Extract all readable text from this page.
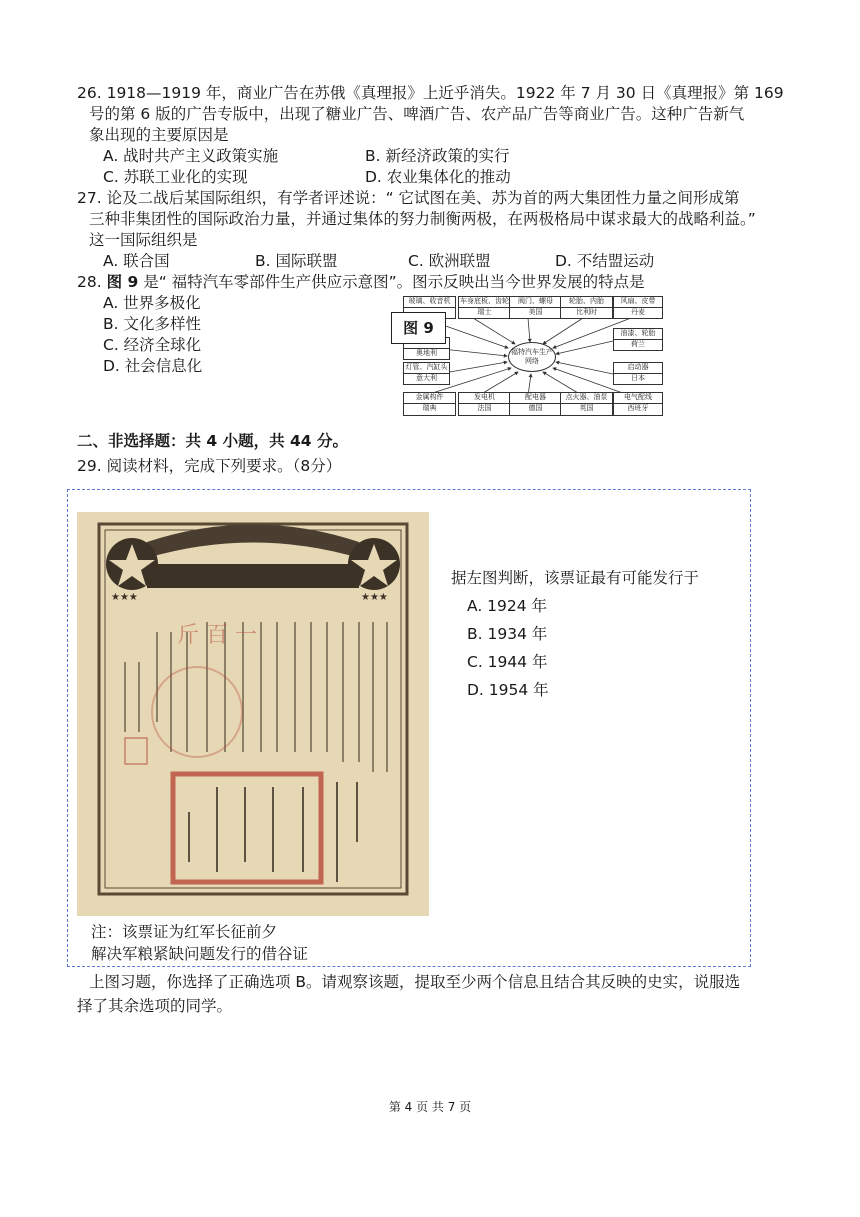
26. 1918—1919 年，商业广告在苏俄《真理报》上近乎消失。1922 年 7 月 30 日《真理报》第 169
号的第 6 版的广告专版中，出现了糖业广告、啤酒广告、农产品广告等商业广告。这种广告新气
象出现的主要原因是
A. 战时共产主义政策实施	B. 新经济政策的实行
C. 苏联工业化的实现	D. 农业集体化的推动
27. 论及二战后某国际组织，有学者评述说：“ 它试图在美、苏为首的两大集团性力量之间形成第
三种非集团性的国际政治力量，并通过集体的努力制衡两极，在两极格局中谋求最大的战略利益。”
这一国际组织是
A. 联合国	B. 国际联盟	C. 欧洲联盟	D. 不结盟运动
28. 图 9 是“ 福特汽车零部件生产供应示意图”。图示反映出当今世界发展的特点是
A. 世界多极化
B. 文化多样性
C. 经济全球化
D. 社会信息化
玻璃、收音机	车身底板、齿轮
瑞士
阀门、螺母
美国
轮胎、内胎
比利时
风扇、皮带
丹麦
奥地利
灯管、汽缸头
意大利
油漆、轮胎
荷兰
启动器
日本
金属构件
瑞典
发电机
法国
配电器
德国
点火器、油泵
英国
电气配线
西班牙
福特汽车生产网络
图 9
二、非选择题：共 4 小题，共 44 分。
29. 阅读材料，完成下列要求。（8分）
★★★	★★★
斤 百 一
据左图判断，该票证最有可能发行于
A. 1924 年
B. 1934 年
C. 1944 年
D. 1954 年
注：该票证为红军长征前夕
解决军粮紧缺问题发行的借谷证
上图习题，你选择了正确选项 B。请观察该题，提取至少两个信息且结合其反映的史实，说服选
择了其余选项的同学。
第 4 页 共 7 页
